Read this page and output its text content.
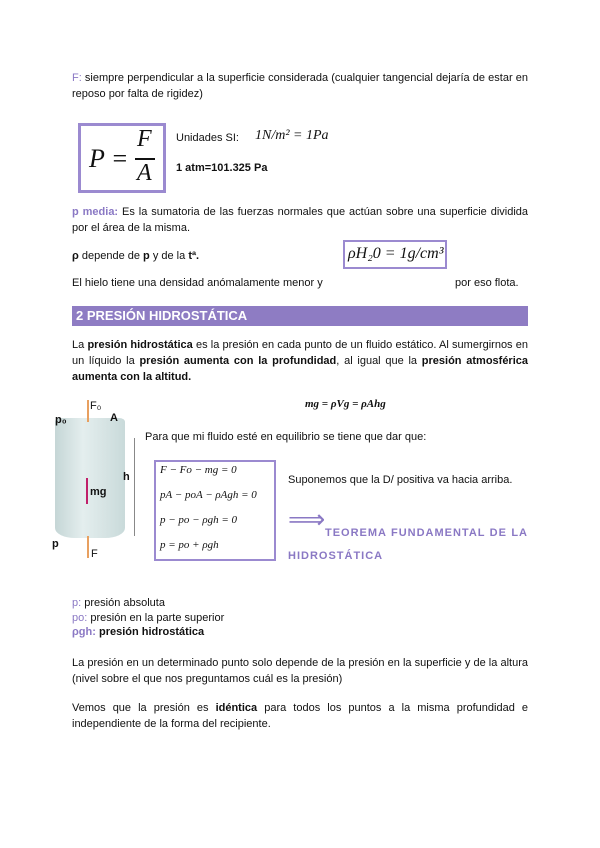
F: siempre perpendicular a la superficie considerada (cualquier tangencial dejaría de estar en reposo por falta de rigidez)
P =
F
A
Unidades SI: 1N/m² = 1Pa
1 atm=101.325 Pa
p media: Es la sumatoria de las fuerzas normales que actúan sobre una superficie dividida por el área de la misma.
ρ depende de p y de la tª.	ρH₂0 = 1g/cm³
El hielo tiene una densidad anómalamente menor y	por eso flota.
2 PRESIÓN HIDROSTÁTICA
La presión hidrostática es la presión en cada punto de un fluido estático. Al sumergirnos en un líquido la presión aumenta con la profundidad, al igual que la presión atmosférica aumenta con la altitud.
mg = ρVg = ρAhg
F₀
p₀	A
h
mg
p
F
Para que mi fluido esté en equilibrio se tiene que dar que:
F − Fo − mg = 0
pA − poA − ρAgh = 0
p − po − ρgh = 0
p = po + ρgh
Suponemos que la D/ positiva va hacia arriba.
⟹ TEOREMA FUNDAMENTAL DE LA
HIDROSTÁTICA
p: presión absoluta
po: presión en la parte superior
ρgh: presión hidrostática
La presión en un determinado punto solo depende de la presión en la superficie y de la altura (nivel sobre el que nos preguntamos cuál es la presión)
Vemos que la presión es idéntica para todos los puntos a la misma profundidad e independiente de la forma del recipiente.
